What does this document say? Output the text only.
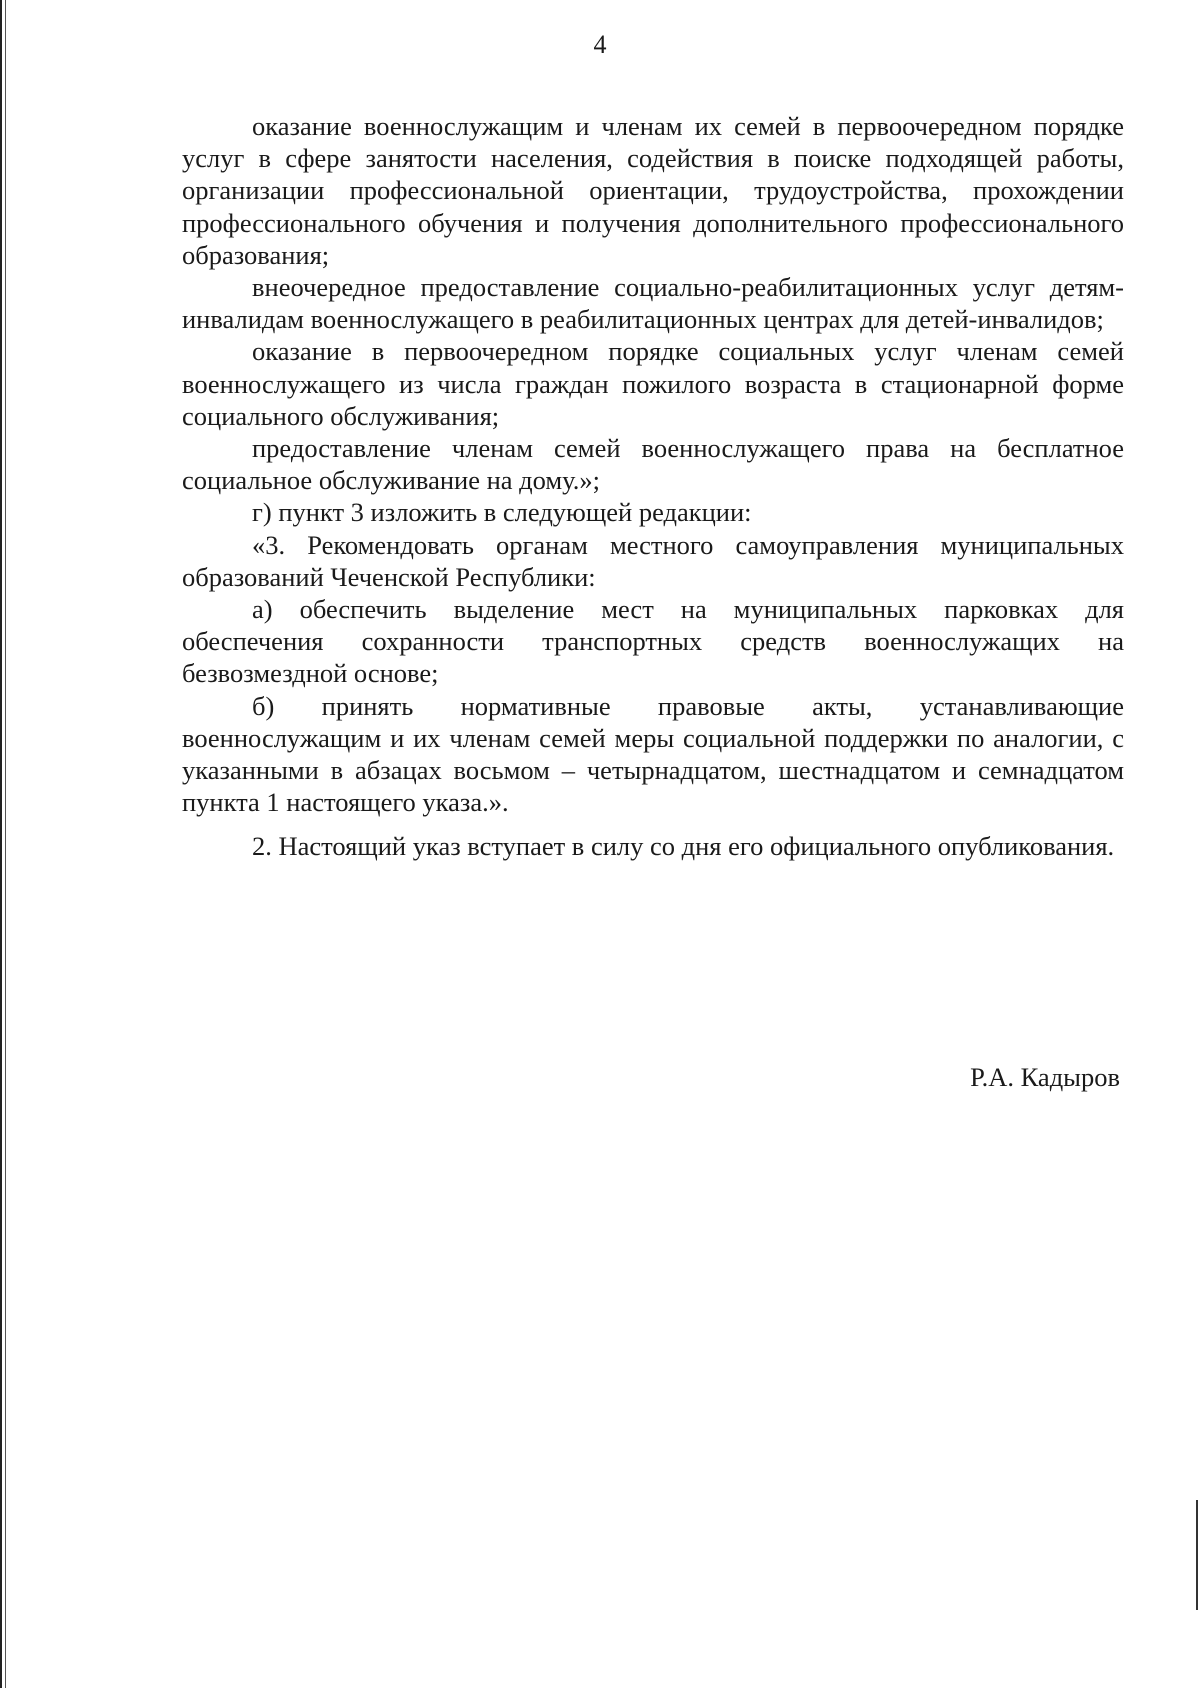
4

оказание военнослужащим и членам их семей в первоочередном порядке услуг в сфере занятости населения, содействия в поиске подходящей работы, организации профессиональной ориентации, трудоустройства, прохождении профессионального обучения и получения дополнительного профессионального образования;

внеочередное предоставление социально-реабилитационных услуг детям-инвалидам военнослужащего в реабилитационных центрах для детей-инвалидов;

оказание в первоочередном порядке социальных услуг членам семей военнослужащего из числа граждан пожилого возраста в стационарной форме социального обслуживания;

предоставление членам семей военнослужащего права на бесплатное социальное обслуживание на дому.»;

г) пункт 3 изложить в следующей редакции:

«3. Рекомендовать органам местного самоуправления муниципальных образований Чеченской Республики:

а) обеспечить выделение мест на муниципальных парковках для обеспечения сохранности транспортных средств военнослужащих на безвозмездной основе;

б) принять нормативные правовые акты, устанавливающие военнослужащим и их членам семей меры социальной поддержки по аналогии, с указанными в абзацах восьмом – четырнадцатом, шестнадцатом и семнадцатом пункта 1 настоящего указа.».

2. Настоящий указ вступает в силу со дня его официального опубликования.

Р.А. Кадыров
